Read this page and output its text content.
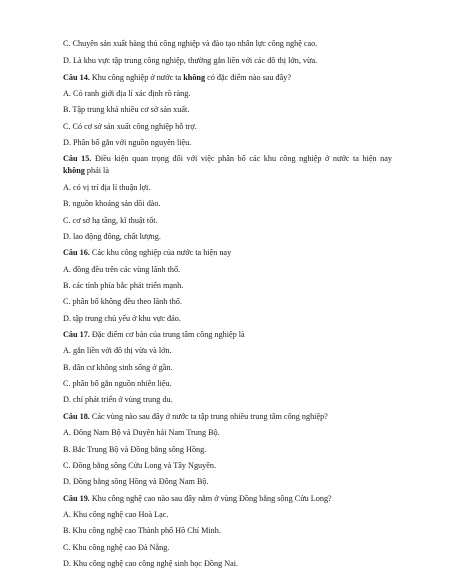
C. Chuyên sản xuất hàng thủ công nghiệp và đào tạo nhân lực công nghệ cao.
D. Là khu vực tập trung công nghiệp, thường gắn liền với các đô thị lớn, vừa.
Câu 14. Khu công nghiệp ở nước ta không có đặc điểm nào sau đây?
A. Có ranh giới địa lí xác định rõ ràng.
B. Tập trung khá nhiều cơ sở sản xuất.
C. Có cơ sở sản xuất công nghiệp hỗ trợ.
D. Phân bố gắn với nguồn nguyên liệu.
Câu 15. Điều kiện quan trọng đối với việc phân bố các khu công nghiệp ở nước ta hiện nay
không phải là
A. có vị trí địa lí thuận lợi.
B. nguồn khoáng sản dồi dào.
C. cơ sở hạ tầng, kĩ thuật tốt.
D. lao động đông, chất lượng.
Câu 16. Các khu công nghiệp của nước ta hiện nay
A. đồng đều trên các vùng lãnh thổ.
B. các tỉnh phía bắc phát triển mạnh.
C. phân bố không đều theo lãnh thổ.
D. tập trung chủ yếu ở khu vực đảo.
Câu 17. Đặc điểm cơ bản của trung tâm công nghiệp là
A. gắn liền với đô thị vừa và lớn.
B. dân cư không sinh sống ở gần.
C. phân bố gắn nguồn nhiên liệu.
D. chỉ phát triển ở vùng trung du.
Câu 18. Các vùng nào sau đây ở nước ta tập trung nhiều trung tâm công nghiệp?
A. Đông Nam Bộ và Duyên hải Nam Trung Bộ.
B. Bắc Trung Bộ và Đồng bằng sông Hồng.
C. Đồng bằng sông Cửu Long và Tây Nguyên.
D. Đồng bằng sông Hồng và Đông Nam Bộ.
Câu 19. Khu công nghệ cao nào sau đây nằm ở vùng Đồng bằng sông Cửu Long?
A. Khu công nghệ cao Hoà Lạc.
B. Khu công nghệ cao Thành phố Hồ Chí Minh.
C. Khu công nghệ cao Đà Nẵng.
D. Khu công nghệ cao công nghệ sinh học Đồng Nai.
